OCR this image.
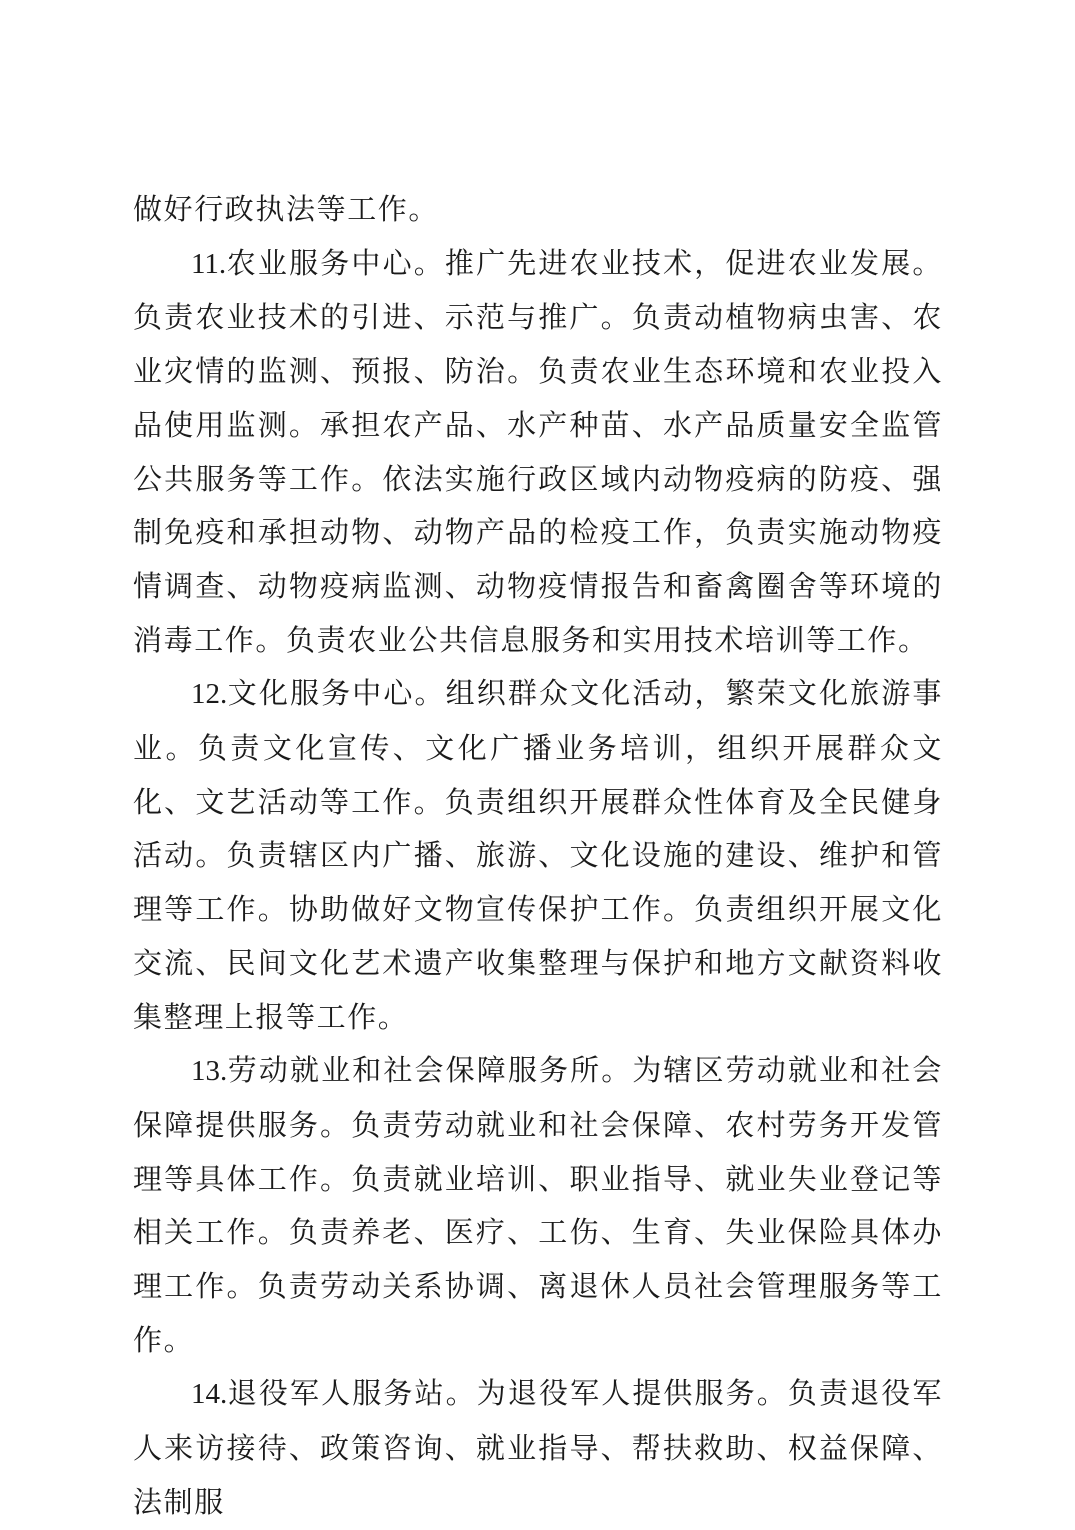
做好行政执法等工作。

11.农业服务中心。推广先进农业技术，促进农业发展。负责农业技术的引进、示范与推广。负责动植物病虫害、农业灾情的监测、预报、防治。负责农业生态环境和农业投入品使用监测。承担农产品、水产种苗、水产品质量安全监管公共服务等工作。依法实施行政区域内动物疫病的防疫、强制免疫和承担动物、动物产品的检疫工作，负责实施动物疫情调查、动物疫病监测、动物疫情报告和畜禽圈舍等环境的消毒工作。负责农业公共信息服务和实用技术培训等工作。

12.文化服务中心。组织群众文化活动，繁荣文化旅游事业。负责文化宣传、文化广播业务培训，组织开展群众文化、文艺活动等工作。负责组织开展群众性体育及全民健身活动。负责辖区内广播、旅游、文化设施的建设、维护和管理等工作。协助做好文物宣传保护工作。负责组织开展文化交流、民间文化艺术遗产收集整理与保护和地方文献资料收集整理上报等工作。

13.劳动就业和社会保障服务所。为辖区劳动就业和社会保障提供服务。负责劳动就业和社会保障、农村劳务开发管理等具体工作。负责就业培训、职业指导、就业失业登记等相关工作。负责养老、医疗、工伤、生育、失业保险具体办理工作。负责劳动关系协调、离退休人员社会管理服务等工作。

14.退役军人服务站。为退役军人提供服务。负责退役军人来访接待、政策咨询、就业指导、帮扶救助、权益保障、法制服
